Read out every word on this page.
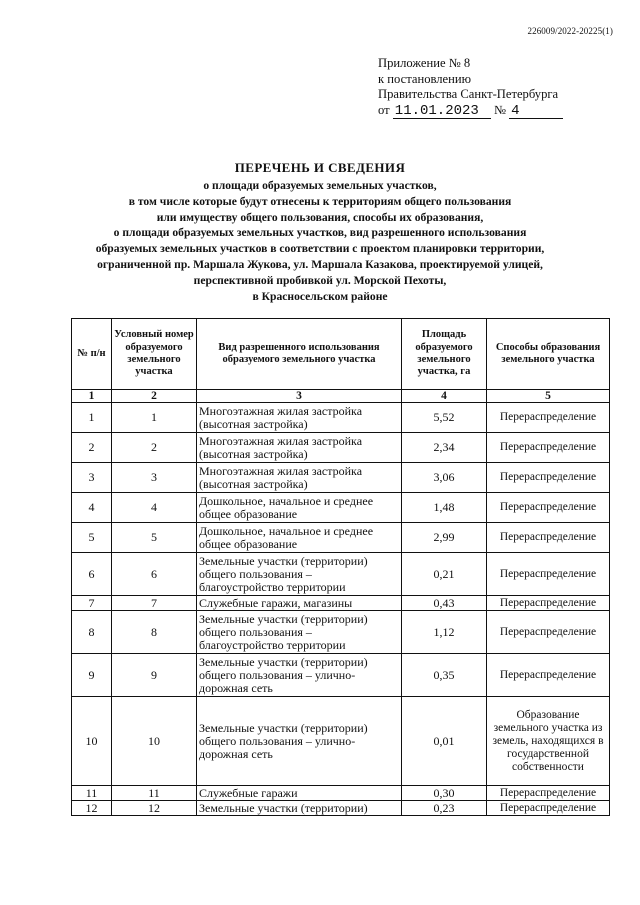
226009/2022-20225(1)
Приложение № 8
к постановлению
Правительства Санкт-Петербурга
от 11.01.2023 № 4
ПЕРЕЧЕНЬ И СВЕДЕНИЯ
о площади образуемых земельных участков,
в том числе которые будут отнесены к территориям общего пользования
или имуществу общего пользования, способы их образования,
о площади образуемых земельных участков, вид разрешенного использования
образуемых земельных участков в соответствии с проектом планировки территории,
ограниченной пр. Маршала Жукова, ул. Маршала Казакова, проектируемой улицей,
перспективной пробивкой ул. Морской Пехоты,
в Красносельском районе
№ п/н	Условный номер образуемого земельного участка	Вид разрешенного использования образуемого земельного участка	Площадь образуемого земельного участка, га	Способы образования земельного участка
1	2	3	4	5
1	1	Многоэтажная жилая застройка (высотная застройка)	5,52	Перераспределение
2	2	Многоэтажная жилая застройка (высотная застройка)	2,34	Перераспределение
3	3	Многоэтажная жилая застройка (высотная застройка)	3,06	Перераспределение
4	4	Дошкольное, начальное и среднее общее образование	1,48	Перераспределение
5	5	Дошкольное, начальное и среднее общее образование	2,99	Перераспределение
6	6	Земельные участки (территории) общего пользования – благоустройство территории	0,21	Перераспределение
7	7	Служебные гаражи, магазины	0,43	Перераспределение
8	8	Земельные участки (территории) общего пользования – благоустройство территории	1,12	Перераспределение
9	9	Земельные участки (территории) общего пользования – улично-дорожная сеть	0,35	Перераспределение
10	10	Земельные участки (территории) общего пользования – улично-дорожная сеть	0,01	Образование земельного участка из земель, находящихся в государственной собственности
11	11	Служебные гаражи	0,30	Перераспределение
12	12	Земельные участки (территории)	0,23	Перераспределение
